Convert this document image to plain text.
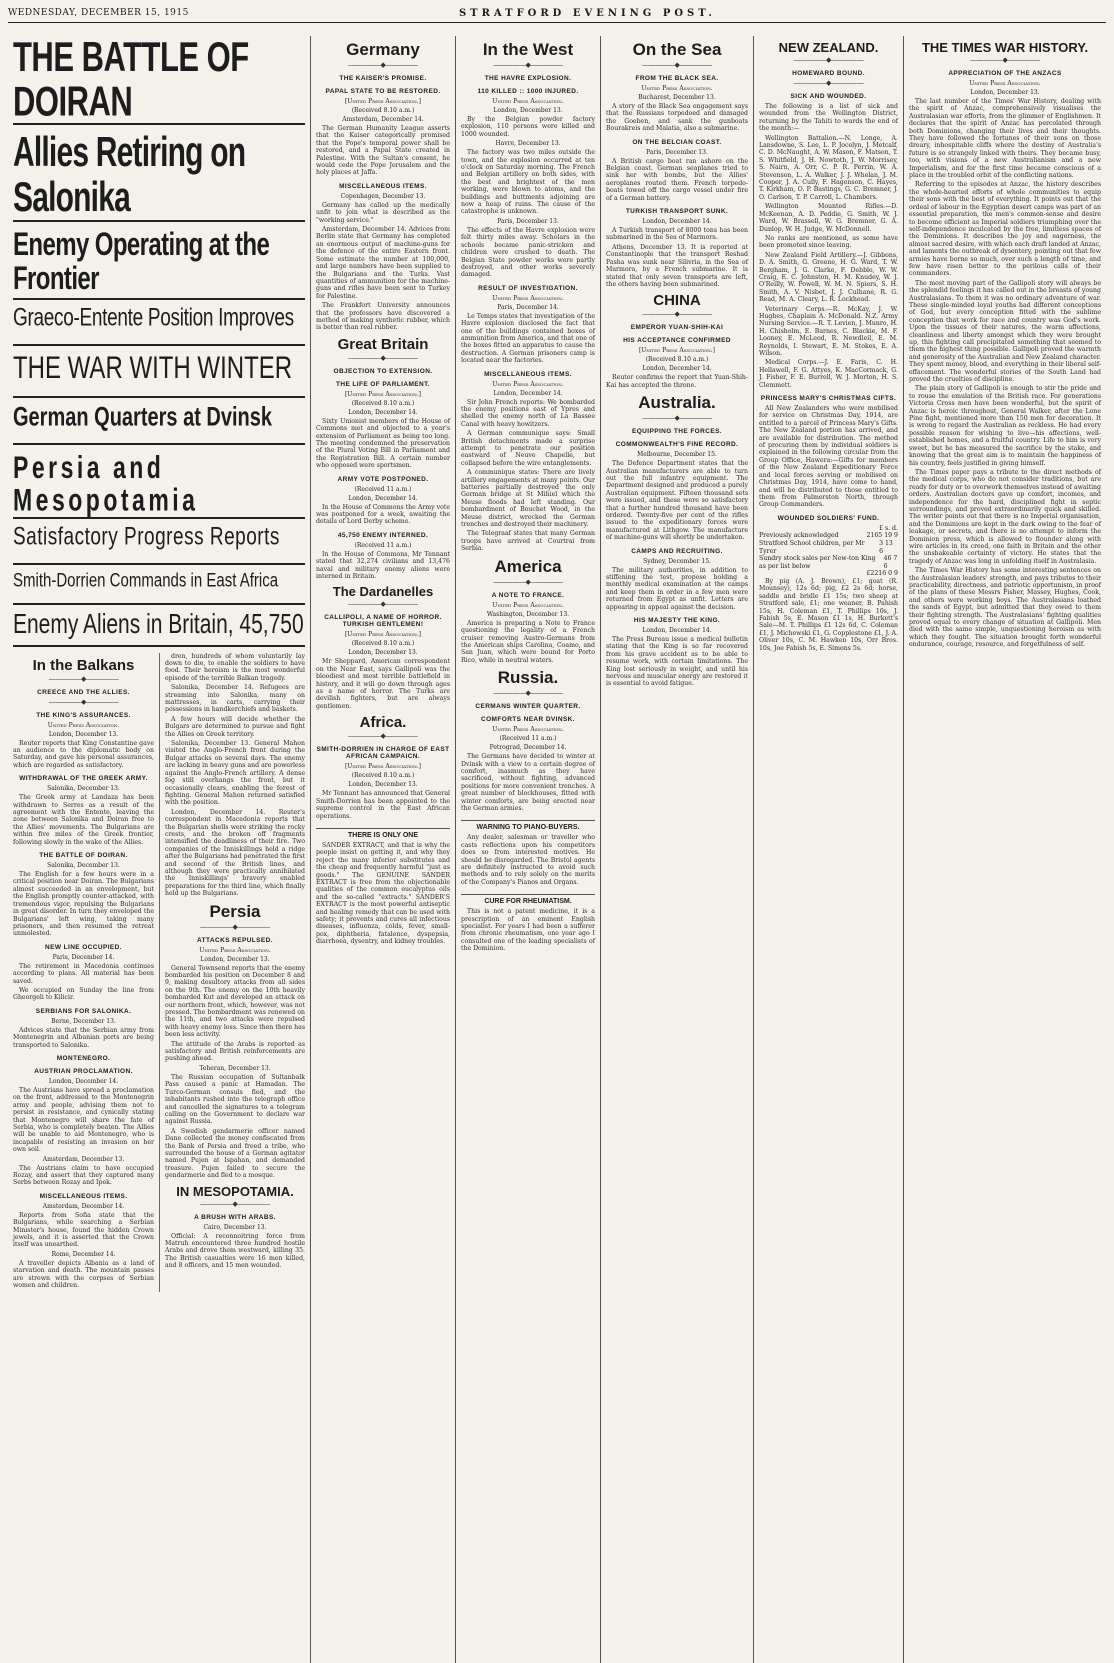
WEDNESDAY, DECEMBER 15, 1915	STRATFORD EVENING POST.
THE BATTLE OF DOIRAN
Allies Retiring on Salonika
Enemy Operating at the Frontier
Graeco-Entente Position Improves
THE WAR WITH WINTER
German Quarters at Dvinsk
Persia and Mesopotamia
Satisfactory Progress Reports
Smith-Dorrien Commands in East Africa
Enemy Aliens in Britain, 45,750
In the Balkans
—————◆—————
CREECE AND THE ALLIES.
—————◆—————
THE KING'S ASSURANCES.
United Press Association.
London, December 13.

Reuter reports that King Constantine gave an audience to the diplomatic body on Saturday, and gave his personal assurances, which are regarded as satisfactory.

WITHDRAWAL OF THE GREEK ARMY.
Salonika, December 13.

The Greek army at Landaza has been withdrawn to Serres as a result of the agreement with the Entente, leaving the zone between Salonika and Doiran free to the Allies' movements. The Bulgarians are within five miles of the Greek frontier, following slowly in the wake of the Allies.

THE BATTLE OF DOIRAN.
Salonika, December 13.

The English for a few hours were in a critical position near Doiran. The Bulgarians almost succeeded in an envelopment, but the English promptly counter-attacked, with tremendous vigor, repulsing the Bulgarians in great disorder. In turn they enveloped the Bulgarians' left wing, taking many prisoners, and then resumed the retreat unmolested.

NEW LINE OCCUPIED.
Paris, December 14.

The retirement in Macedonia continues according to plans. All material has been saved.

We occupied on Sunday the line from Gheorgeli to Kilicir.

SERBIANS FOR SALONIKA.
Berne, December 13.

Advices state that the Serbian army from Montenegrin and Albanian ports are being transported to Salonika.

MONTENEGRO.
AUSTRIAN PROCLAMATION.
London, December 14.

The Austrians have spread a proclamation on the front, addressed to the Montenegrin army and people, advising them not to persist in resistance, and cynically stating that Montenegro will share the fate of Serbia, who is completely beaten. The Allies will be unable to aid Montenegro, who is incapable of resisting an invasion on her own soil.

Amsterdam, December 13.

The Austrians claim to have occupied Rozay, and assert that they captured many Serbs between Rozay and Ipek.

MISCELLANEOUS ITEMS.
Amsterdam, December 14.

Reports from Sofia state that the Bulgarians, while searching a Serbian Minister's house, found the hidden Crown jewels, and it is asserted that the Crown itself was unearthed.

Rome, December 14.

A traveller depicts Albania as a land of starvation and death. The mountain passes are strewn with the corpses of Serbian women and children.

dren, hundreds of whom voluntarily lay down to die, to enable the soldiers to have food. Their heroism is the most wonderful episode of the terrible Balkan tragedy.

Salonika, December 14. Refugees are streaming into Salonika, many on mattresses, in carts, carrying their possessions in handkerchiefs and baskets.

A few hours will decide whether the Bulgars are determined to pursue and fight the Allies on Greek territory.

Salonika, December 13. General Mahon visited the Anglo-French front during the Bulgar attacks on several days. The enemy are lacking in heavy guns and are powerless against the Anglo-French artillery. A dense fog still overhangs the front, but it occasionally clears, enabling the forest of fighting. General Mahon returned satisfied with the position.

London, December 14. Reuter's correspondent in Macedonia reports that the Bulgarian shells were striking the rocky crests, and the broken off fragments intensified the deadliness of their fire. Two companies of the Inniskillings held a ridge after the Bulgarians had penetrated the first and second of the British lines, and although they were practically annihilated the Inniskillings' bravery enabled preparations for the third line, which finally held up the Bulgarians.

Persia
—————◆—————
ATTACKS REPULSED.
United Press Association.
London, December 13.

General Townsend reports that the enemy bombarded his position on December 8 and 9, making desultory attacks from all sides on the 9th. The enemy on the 10th heavily bombarded Kut and developed an attack on our northern front, which, however, was not pressed. The bombardment was renewed on the 11th, and two attacks were repulsed with heavy enemy loss. Since then there has been less activity.

The attitude of the Arabs is reported as satisfactory and British reinforcements are pushing ahead.

Teheran, December 13.

The Russian occupation of Sultanbalk Pass caused a panic at Hamadan. The Turco-German consuls fled, and the inhabitants rushed into the telegraph office and cancelled the signatures to a telegram calling on the Government to declare war against Russia.

A Swedish gendarmerie officer named Dane collected the money confiscated from the Bank of Persia and freed a tribe, who surrounded the house of a German agitator named Pujen at Ispahan, and demanded treasure. Pujen failed to secure the gendarmerie and fled to a mosque.

IN MESOPOTAMIA.
—————◆—————
A BRUSH WITH ARABS.
Cairo, December 13.

Official: A reconnoitring force from Matruh encountered three hundred hostile Arabs and drove them westward, killing 35. The British casualties were 16 men killed, and 8 officers, and 15 men wounded.

Germany
—————◆—————
THE KAISER'S PROMISE.
PAPAL STATE TO BE RESTORED.
[United Press Association.]
(Received 8.10 a.m.)
Amsterdam, December 14.

The German Humanity League asserts that the Kaiser categorically promised that the Pope's temporal power shall be restored, and a Papal State created in Palestine. With the Sultan's consent, he would cede the Pope Jerusalem and the holy places at Jaffa.

MISCELLANEOUS ITEMS.
Copenhagen, December 13.

Germany has called up the medically unfit to join what is described as the "working service."

Amsterdam, December 14. Advices from Berlin state that Germany has completed an enormous output of machine-guns for the defence of the entire Eastern front. Some estimate the number at 100,000, and large numbers have been supplied to the Bulgarians and the Turks. Vast quantities of ammunition for the machine-guns and rifles have been sent to Turkey for Palestine.

The Frankfort University announces that the professors have discovered a method of making synthetic rubber, which is better than real rubber.

Great Britain
—————◆—————
OBJECTION TO EXTENSION.
THE LIFE OF PARLIAMENT.
[United Press Association.]
(Received 8.10 a.m.)
London, December 14.

Sixty Unionist members of the House of Commons met and objected to a year's extension of Parliament as being too long. The meeting condemned the preservation of the Plural Voting Bill in Parliament and the Registration Bill. A certain number who opposed were sportsmen.

ARMY VOTE POSTPONED.
(Received 11 a.m.)
London, December 14.

In the House of Commons the Army vote was postponed for a week, awaiting the details of Lord Derby scheme.

45,750 ENEMY INTERNED.
(Received 11 a.m.)

In the House of Commons, Mr Tennant stated that 32,274 civilians and 13,476 naval and military enemy aliens were interned in Britain.

The Dardanelles
—————◆—————
CALLIPOLI, A NAME OF HORROR. TURKISH GENTLEMEN!
[United Press Association.]
(Received 8.10 a.m.)
London, December 13.

Mr Sheppard, American correspondent on the Near East, says Gallipoli was the bloodiest and most terrible battlefield in history, and it will go down through ages as a name of horror. The Turks are devilish fighters, but are always gentlemen.

Africa.
—————◆—————
SMITH-DORRIEN IN CHARGE OF EAST AFRICAN CAMPAICN.
[United Press Association.]
(Received 8.10 a.m.)
London, December 13.

Mr Tennant has announced that General Smith-Dorrien has been appointed to the supreme control in the East African operations.

THERE IS ONLY ONE

SANDER EXTRACT, and that is why the people insist on getting it, and why they reject the many inferior substitutes and the cheap and frequently harmful "just as goods." The GENUINE SANDER EXTRACT is free from the objectionable qualities of the common eucalyptus oils and the so-called "extracts." SANDER'S EXTRACT is the most powerful antiseptic and healing remedy that can be used with safety; it prevents and cures all infectious diseases, influenza, colds, fever, small-pox, diphtheria, fatalence, dyspepsia, diarrhoea, dysentry, and kidney troubles.

In the West
—————◆—————
THE HAVRE EXPLOSION.
110 KILLED :: 1000 INJURED.
United Press Association.
London, December 13.

By the Belgian powder factory explosion, 110 persons were killed and 1000 wounded.

Havre, December 13.

The factory was two miles outside the town, and the explosion occurred at ten o'clock on Saturday morning. The French and Belgian artillery on both sides, with the best and brightest of the men working, were blown to atoms, and the buildings and buttments adjoining are now a heap of ruins. The cause of the catastrophe is unknown.

Paris, December 13.

The effects of the Havre explosion were felt thirty miles away. Scholars in the schools became panic-stricken and children were crushed to death. The Belgian State powder works were partly destroyed, and other works severely damaged.

RESULT OF INVESTIGATION.
United Press Association.
Paris, December 14.

Le Temps states that investigation of the Havre explosion disclosed the fact that one of the buildings contained boxes of ammunition from America, and that one of the boxes fitted an apparatus to cause the destruction. A German prisoners camp is located near the factories.

MISCELLANEOUS ITEMS.
United Press Association.
London, December 14.

Sir John French reports: We bombarded the enemy positions east of Ypres and shelled the enemy north of La Bassee Canal with heavy howitzers.

A German communique says: Small British detachments made a surprise attempt to penetrate our position eastward of Neuve Chapelle, but collapsed before the wire entanglements.

A communique states: There are lively artillery engagements at many points. Our batteries partially destroyed the only German bridge at St Mihiel which the Meuse floods had left standing. Our bombardment of Bouchet Wood, in the Meuse district, wrecked the German trenches and destroyed their machinery.

The Telegraaf states that many German troops have arrived at Courtrai from Serbia.

America
—————◆—————
A NOTE TO FRANCE.
United Press Association.
Washington, December 13.

America is preparing a Note to France questioning the legality of a French cruiser removing Austro-Germans from the American ships Carolina, Coamo, and San Juan, which were bound for Porto Rico, while in neutral waters.

Russia.
—————◆—————
CERMANS WINTER QUARTER.
COMFORTS NEAR DVINSK.
United Press Association.
(Received 11 a.m.)
Petrograd, December 14.

The Germans have decided to winter at Dvinsk with a view to a certain degree of comfort, inasmuch as they have sacrificed, without fighting, advanced positions for more convenient trenches. A great number of blockhouses, fitted with winter comforts, are being erected near the German armies.

WARNING TO PIANO-BUYERS.

Any dealer, salesman or traveller who casts reflections upon his competitors does so from interested motives. He should be disregarded. The Bristol agents are definitely instructed to avoid such methods and to rely solely on the merits of the Company's Pianos and Organs.

CURE FOR RHEUMATISM.

This is not a patent medicine, it is a prescription of an eminent English specialist. For years I had been a sufferer from chronic rheumatism, one year ago I consulted one of the leading specialists of the Dominion.

On the Sea
—————◆—————
FROM THE BLACK SEA.
United Press Association.
Bucharest, December 13.

A story of the Black Sea engagement says that the Russians torpedoed and damaged the Goeben, and sank the gunboats Bourakreis and Malatia, also a submarine.

ON THE BELCIAN COAST.
Paris, December 13.

A British cargo boat ran ashore on the Belgian coast. German seaplanes tried to sink her with bombs, but the Allies' aeroplanes routed them. French torpedo-boats towed off the cargo vessel under fire of a German battery.

TURKISH TRANSPORT SUNK.
London, December 14.

A Turkish transport of 8000 tons has been submarined in the Sea of Marmora.

Athens, December 13. It is reported at Constantinople that the transport Reshad Pasha was sunk near Silivria, in the Sea of Marmora, by a French submarine. It is stated that only seven transports are left, the others having been submarined.

CHINA
—————◆—————
EMPEROR YUAN-SHIH-KAI
HIS ACCEPTANCE CONFIRMED
[United Press Association.]
(Received 8.10 a.m.)
London, December 14.

Reuter confirms the report that Yuan-Shih-Kai has accepted the throne.

Australia.
—————◆—————
EQUIPPING THE FORCES.
COMMONWEALTH'S FINE RECORD.
Melbourne, December 15.

The Defence Department states that the Australian manufacturers are able to turn out the full infantry equipment. The Department designed and produced a purely Australian equipment. Fifteen thousand sets were issued, and these were so satisfactory that a further hundred thousand have been ordered. Twenty-five per cent of the rifles issued to the expeditionary forces were manufactured at Lithgow. The manufacture of machine-guns will shortly be undertaken.

CAMPS AND RECRUITING.
Sydney, December 15.

The military authorities, in addition to stiffening the test, propose holding a monthly medical examination at the camps and keep them in order in a few men were returned from Egypt as unfit. Letters are appearing in appeal against the decision.

HIS MAJESTY THE KING.
London, December 14.

The Press Bureau issue a medical bulletin stating that the King is so far recovered from his grave accident as to be able to resume work, with certain limitations. The King lost seriously in weight, and until his nervous and muscular energy are restored it is essential to avoid fatigue.

NEW ZEALAND.
—————◆—————
HOMEWARD BOUND.
—————◆—————
SICK AND WOUNDED.

The following is a list of sick and wounded from the Wellington District, returning by the Tahiti to wards the end of the month:—

Wellington Battalion.—N. Longe, A. Lansdowne, S. Lee, L. P. Jocelyn, J. Metcalf, C. D. McNaught, A. W. Mason, F. Matson, T. S. Whitfield, J. H. Nowtoth, J. W. Morrisey, S. Nairn, A. Orr, C. P. R. Perrin, W. A. Stevenson, L. A. Walker, J. J. Whelan, J. M. Cooper, J. A. Cully, F. Hagenson, C. Hayes, T. Kirkham, O. P. Bastings, G. C. Bremner, J. O. Carlson, T. P. Carroll, L. Chambers.

Wellington Mounted Rifles.—D. McKeenan, A. D. Peddie, G. Smith, W. J. Ward, W. Brassell, W. G. Bremner, G. A. Dunlop, W. H. Judge, W. McDonnell.

No ranks are mentioned, as some have been promoted since leaving.

New Zealand Field Artillery.—J. Gibbons, D. A. Smith, G. Greene, H. G. Ward, T. W. Bergham, J. G. Clarke, F. Debble, W. W. Craig, E. C. Johnston, H. M. Knudey, W. J. O'Reilly, W. Powell, W. M. N. Spiers, S. H. Smith, A. V. Nisbet, J. J. Culhane, R. G. Read, M. A. Cleary, L. R. Lockhead.

Veterinary Corps.—R. McKay, J. W. Hughes, Chaplain A. McDonald. N.Z. Army Nursing Service.—R. T. Levien, J. Munro, H. H. Chisholm, E. Barnes, C. Blackie, M. F. Looney, E. McLeod, R. Newdleil, E. M. Reynolds, I. Stewart, E. M. Stokes, E. A. Wilson.

Medical Corps.—J. E. Faris, C. H. Hellawell, F. G. Attyes, K. MacCormack, G. J. Fisher, F. E. Burrell, W. J. Morton, H. S. Clemmett.

PRINCESS MARY'S CHRISTMAS CIFTS.

All New Zealanders who were mobilised for service on Christmas Day, 1914, are entitled to a parcel of Princess Mary's Gifts. The New Zealand portion has arrived, and are available for distribution. The method of procuring them by individual soldiers is explained in the following circular from the Group Office, Hawera:—Gifts for members of the New Zealand Expeditionary Force and local forces serving or mobilised on Christmas Day, 1914, have come to hand, and will be distributed to those entitled to them from Palmerston North, through Group Commanders.

WOUNDED SOLDIERS' FUND.
£ s. d.
Previously acknowledged	2165 19 9
Stratford School children, per Mr Tyrer
3 13 6
Sundry stock sales per New-ton King as per list below
46 7 6
£2216 0 9

By pig (A. J. Brown), £1; goat (R. Mounsey), 12s 6d; pig, £2 2s 6d; horse, saddle and bridle £1 15s; two sheep at Stratford sale, £1; one weaner, B. Pahish 15s, H. Coleman £1, T. Phillips 10s, J. Fabish 5s, E. Mason £1 1s, H. Burkett's Sale—M. T. Phillips £1 12s 6d, C. Coleman £1, J. Michewski £1, G. Copplestone £1, J. A. Oliver 10s, C. M. Hawken 10s, Orr Bros. 10s, Joe Fabish 5s, E. Simons 5s.

THE TIMES WAR HISTORY.
—————◆—————
APPRECIATION OF THE ANZACS
United Press Association.
London, December 13.

The last number of the Times' War History, dealing with the spirit of Anzac, comprehensively visualises the Australasian war efforts, from the glimmer of Englishmen. It declares that the spirit of Anzac has percolated through both Dominions, changing their lives and their thoughts. They have followed the fortunes of their sons on those dreary, inhospitable cliffs where the destiny of Australia's future is so strangely linked with theirs. They became busy, too, with visions of a new Australianism and a new Imperialism, and for the first time became conscious of a place in the troubled orbit of the conflicting nations.

Referring to the episodes at Anzac, the history describes the whole-hearted efforts of whole communities to equip their sons with the best of everything. It points out that the ordeal of labour in the Egyptian desert camps was part of an essential preparation, the men's common-sense and desire to become efficient as Imperial soldiers triumphing over the self-independence inculcated by the free, limitless spaces of the Dominions. It describes the joy and eagerness, the almost sacred desire, with which each draft landed at Anzac, and laments the outbreak of dysentery, pointing out that few armies have borne so much, over such a length of time, and few have risen better to the perilous calls of their commanders.

The most moving part of the Gallipoli story will always be the splendid feelings it has called out in the breasts of young Australasians. To them it was no ordinary adventure of war. These single-minded loyal youths had different conceptions of God, but every conception fitted with the sublime conception that work for race and country was God's work. Upon the tissues of their natures, the warm affections, cleanliness and liberty amongst which they were brought up, this fighting call precipitated something that seemed to them the highest thing possible. Gallipoli proved the warmth and generosity of the Australian and New Zealand character. They spent money, blood, and everything in their liberal self-effacement. The wonderful stories of the South Land had proved the cruelties of discipline.

The plain story of Gallipoli is enough to stir the pride and to rouse the emulation of the British race. For generations Victoria Cross men have been wonderful, but the spirit of Anzac is heroic throughout, General Walker, after the Lone Pine fight, mentioned more than 150 men for decoration. It is wrong to regard the Australian as reckless. He had every possible reason for wishing to live—his affections, well-established homes, and a fruitful country. Life to him is very sweet, but he has measured the sacrifice by the stake, and knowing that the great aim is to maintain the happiness of his country, feels justified in giving himself.

The Times paper pays a tribute to the direct methods of the medical corps, who do not consider traditions, but are ready for duty or to overwork themselves instead of awaiting orders. Australian doctors gave up comfort, incomes, and independence for the hard, disciplined fight in septic surroundings, and proved extraordinarily quick and skilled. The writer points out that there is no Imperial organisation, and the Dominions are kept in the dark owing to the fear of leakage, or secrets, and there is no attempt to inform the Dominion press, which is allowed to flounder along with wire articles in its creed, one faith in Britain and the other the unshakeable certainty of victory. He states that the tragedy of Anzac was long in unfolding itself in Australasia.

The Times War History has some interesting sentences on the Australasian leaders' strength, and pays tributes to their practicability, directness, and patriotic opportunism, in proof of the plans of these Messrs Fisher, Massey, Hughes, Cook, and others were working boys. The Australasians loathed the sands of Egypt, but admitted that they owed to them their fighting strength. The Australasians' fighting qualities proved equal to every change of situation at Gallipoli. Men died with the same simple, unquestioning heroism as with which they fought. The situation brought forth wonderful endurance, courage, resource, and forgetfulness of self.
